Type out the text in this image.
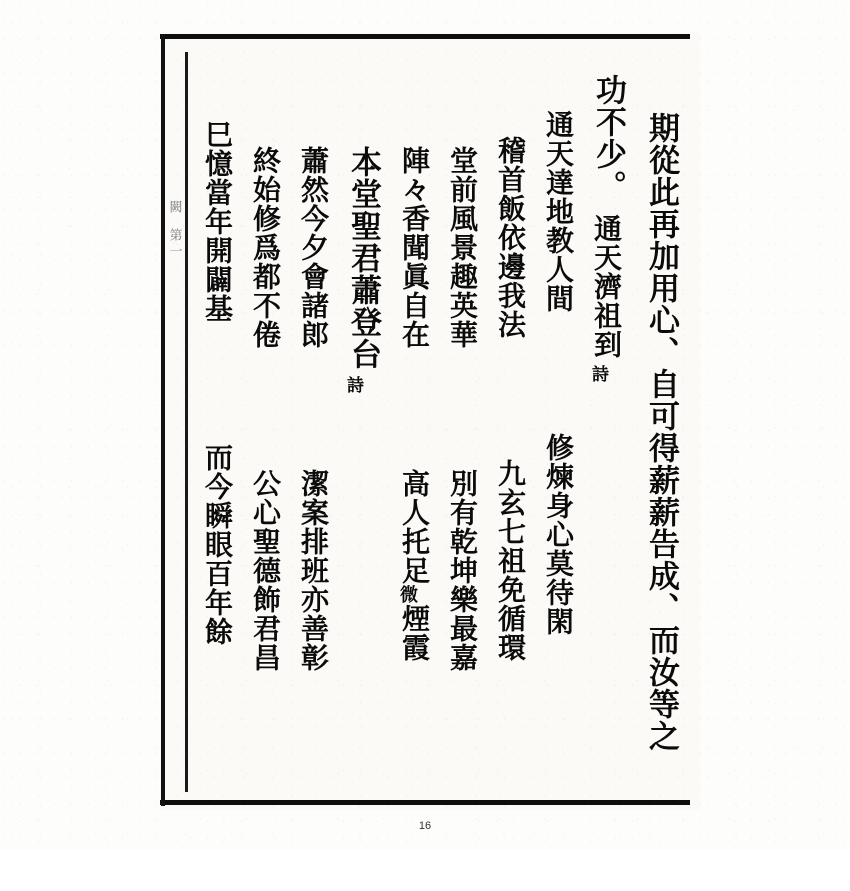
闕
第一	期從此再加用心、自可得薪薪告成、而汝等之
功不少。
通天濟祖到
詩
通天達地教人間
修煉身心莫待閑
稽首飯依邊我法
九玄七祖免循環
堂前風景趣英華
別有乾坤樂最嘉
陣々香聞眞自在
高人托足
微
煙霞
本堂聖君蕭登台
詩
蕭然今夕會諸郎
潔案排班亦善彰
終始修爲都不倦
公心聖德飾君昌
巳憶當年開闢基
而今瞬眼百年餘
16
